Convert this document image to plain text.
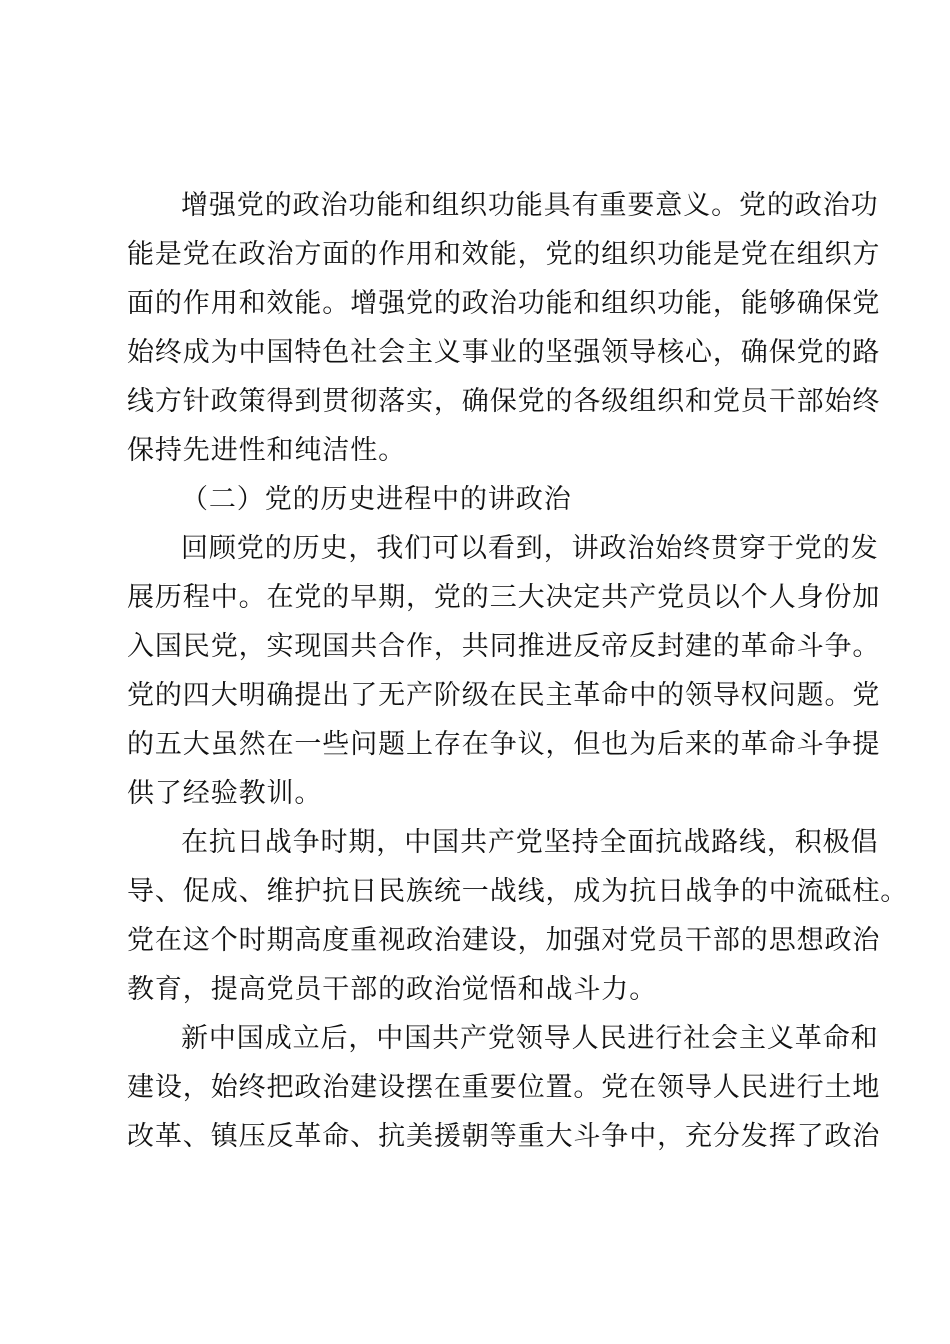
增强党的政治功能和组织功能具有重要意义。党的政治功
能是党在政治方面的作用和效能，党的组织功能是党在组织方
面的作用和效能。增强党的政治功能和组织功能，能够确保党
始终成为中国特色社会主义事业的坚强领导核心，确保党的路
线方针政策得到贯彻落实，确保党的各级组织和党员干部始终
保持先进性和纯洁性。
（二）党的历史进程中的讲政治
回顾党的历史，我们可以看到，讲政治始终贯穿于党的发
展历程中。在党的早期，党的三大决定共产党员以个人身份加
入国民党，实现国共合作，共同推进反帝反封建的革命斗争。
党的四大明确提出了无产阶级在民主革命中的领导权问题。党
的五大虽然在一些问题上存在争议，但也为后来的革命斗争提
供了经验教训。
在抗日战争时期，中国共产党坚持全面抗战路线，积极倡
导、促成、维护抗日民族统一战线，成为抗日战争的中流砥柱。
党在这个时期高度重视政治建设，加强对党员干部的思想政治
教育，提高党员干部的政治觉悟和战斗力。
新中国成立后，中国共产党领导人民进行社会主义革命和
建设，始终把政治建设摆在重要位置。党在领导人民进行土地
改革、镇压反革命、抗美援朝等重大斗争中，充分发挥了政治
